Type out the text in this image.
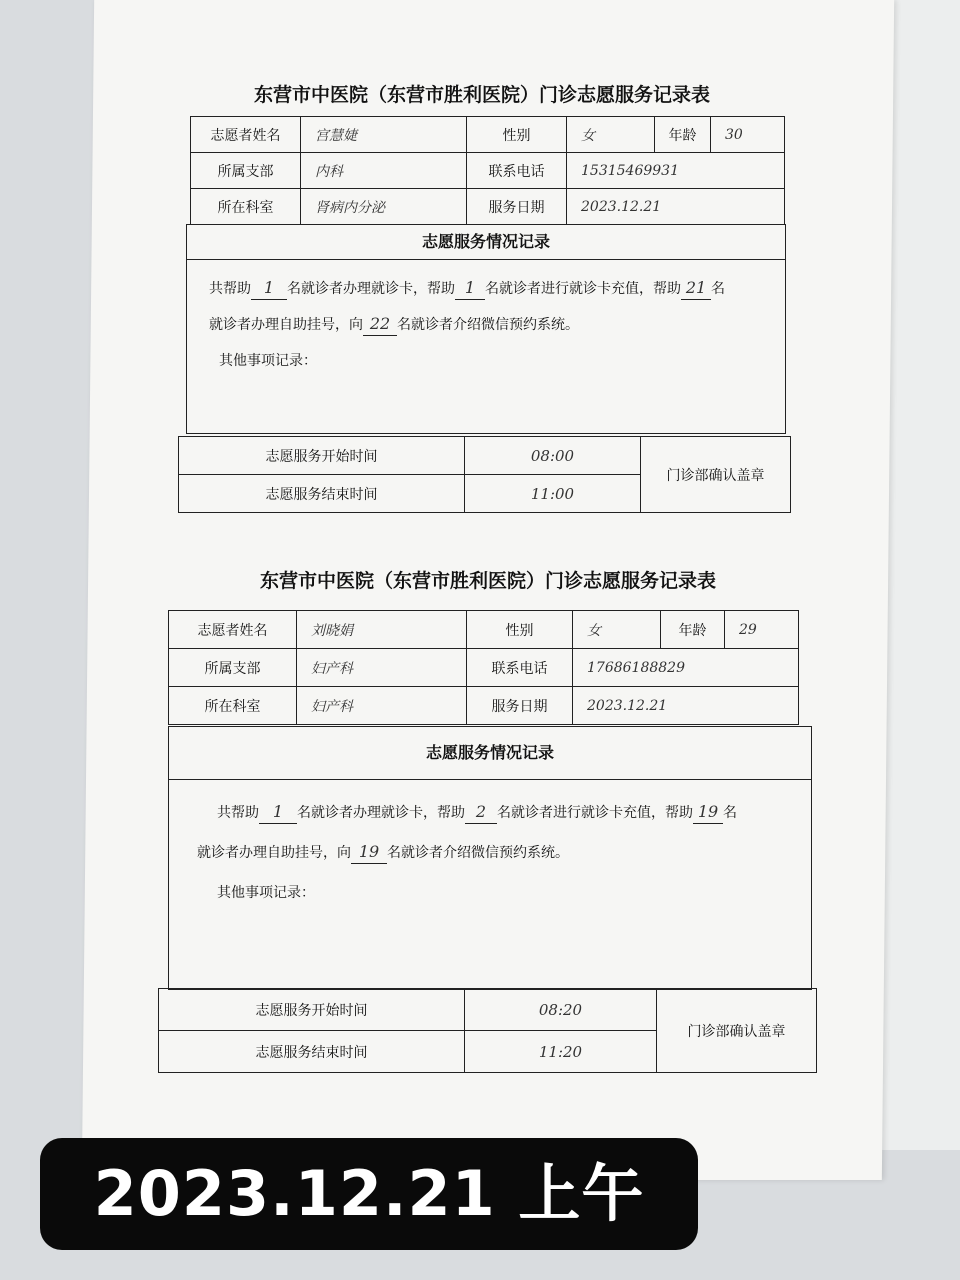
东营市中医院（东营市胜利医院）门诊志愿服务记录表
志愿者姓名	宫慧婕	性别	女	年龄	30
所属支部	内科	联系电话	15315469931		
所在科室	肾病内分泌	服务日期	2023.12.21		
志愿服务情况记录
共帮助 1 名就诊者办理就诊卡，帮助 1 名就诊者进行就诊卡充值，帮助 21 名
就诊者办理自助挂号，向 22 名就诊者介绍微信预约系统。
其他事项记录：
志愿服务开始时间	08:00	门诊部确认盖章
志愿服务结束时间	11:00	
东营市中医院（东营市胜利医院）门诊志愿服务记录表
志愿者姓名	刘晓娟	性别	女	年龄	29
所属支部	妇产科	联系电话	17686188829		
所在科室	妇产科	服务日期	2023.12.21		
志愿服务情况记录
共帮助 1 名就诊者办理就诊卡，帮助 2 名就诊者进行就诊卡充值，帮助 19 名
就诊者办理自助挂号，向 19 名就诊者介绍微信预约系统。
其他事项记录：
志愿服务开始时间	08:20	门诊部确认盖章
志愿服务结束时间	11:20	
2023.12.21 上午
